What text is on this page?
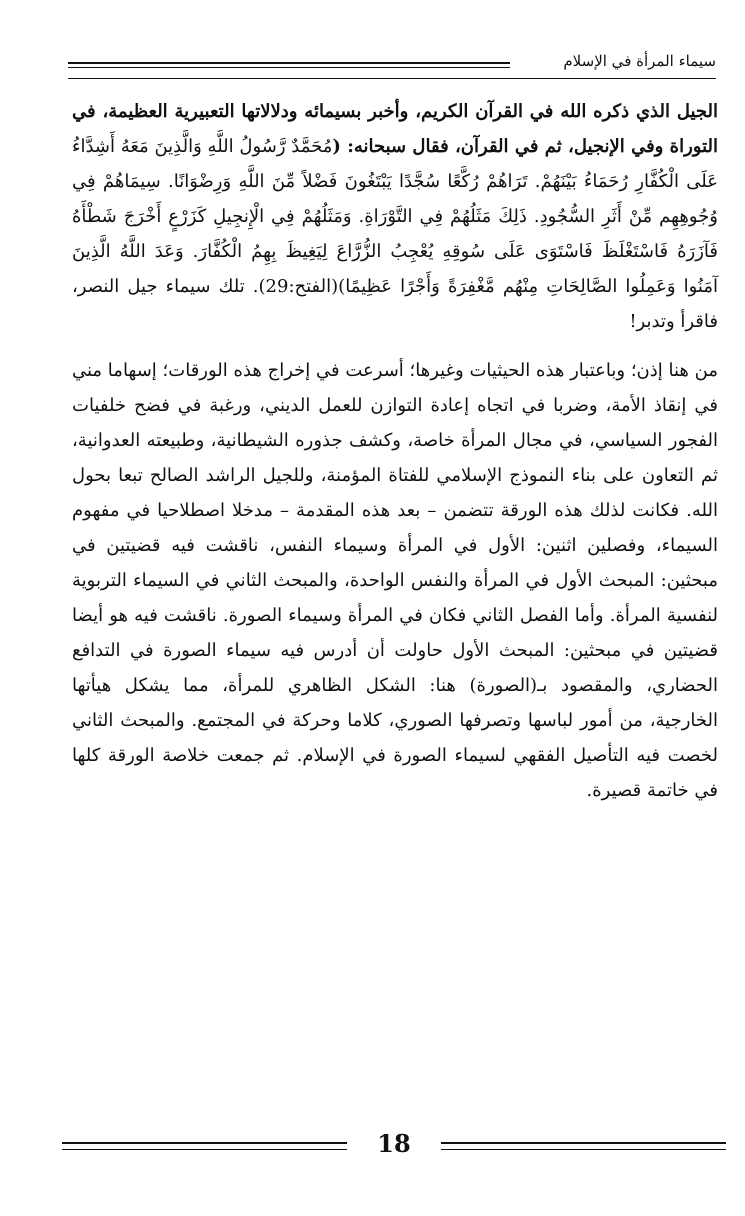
سيماء المرأة في الإسلام

الجيل الذي ذكره الله في القرآن الكريم، وأخبر بسيمائه ودلالاتها التعبيرية العظيمة، في التوراة وفي الإنجيل، ثم في القرآن، فقال سبحانه: (مُحَمَّدٌ رَّسُولُ اللَّهِ وَالَّذِينَ مَعَهُ أَشِدَّاءُ عَلَى الْكُفَّارِ رُحَمَاءُ بَيْنَهُمْ. تَرَاهُمْ رُكَّعًا سُجَّدًا يَبْتَغُونَ فَضْلاً مِّنَ اللَّهِ وَرِضْوَانًا. سِيمَاهُمْ فِي وُجُوهِهِم مِّنْ أَثَرِ السُّجُودِ. ذَلِكَ مَثَلُهُمْ فِي التَّوْرَاةِ. وَمَثَلُهُمْ فِي الْإِنجِيلِ كَزَرْعٍ أَخْرَجَ شَطْأَهُ فَآزَرَهُ فَاسْتَغْلَظَ فَاسْتَوَى عَلَى سُوقِهِ يُعْجِبُ الزُّرَّاعَ لِيَغِيظَ بِهِمُ الْكُفَّارَ. وَعَدَ اللَّهُ الَّذِينَ آمَنُوا وَعَمِلُوا الصَّالِحَاتِ مِنْهُم مَّغْفِرَةً وَأَجْرًا عَظِيمًا)(الفتح:29). تلك سيماء جيل النصر، فاقرأ وتدبر!

من هنا إذن؛ وباعتبار هذه الحيثيات وغيرها؛ أسرعت في إخراج هذه الورقات؛ إسهاما مني في إنقاذ الأمة، وضربا في اتجاه إعادة التوازن للعمل الديني، ورغبة في فضح خلفيات الفجور السياسي، في مجال المرأة خاصة، وكشف جذوره الشيطانية، وطبيعته العدوانية، ثم التعاون على بناء النموذج الإسلامي للفتاة المؤمنة، وللجيل الراشد الصالح تبعا بحول الله. فكانت لذلك هذه الورقة تتضمن – بعد هذه المقدمة – مدخلا اصطلاحيا في مفهوم السيماء، وفصلين اثنين: الأول في المرأة وسيماء النفس، ناقشت فيه قضيتين في مبحثين: المبحث الأول في المرأة والنفس الواحدة، والمبحث الثاني في السيماء التربوية لنفسية المرأة. وأما الفصل الثاني فكان في المرأة وسيماء الصورة. ناقشت فيه هو أيضا قضيتين في مبحثين: المبحث الأول حاولت أن أدرس فيه سيماء الصورة في التدافع الحضاري، والمقصود بـ(الصورة) هنا: الشكل الظاهري للمرأة، مما يشكل هيأتها الخارجية، من أمور لباسها وتصرفها الصوري، كلاما وحركة في المجتمع. والمبحث الثاني لخصت فيه التأصيل الفقهي لسيماء الصورة في الإسلام. ثم جمعت خلاصة الورقة كلها في خاتمة قصيرة.

18
